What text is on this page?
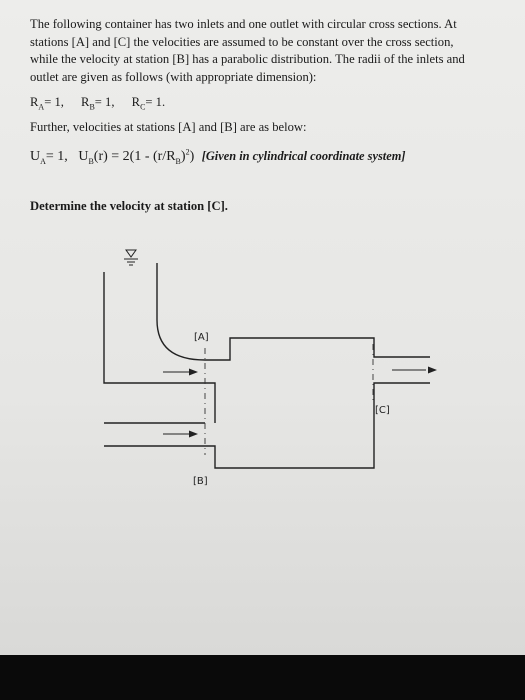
The following container has two inlets and one outlet with circular cross sections. At
stations [A] and [C] the velocities are assumed to be constant over the cross section,
while the velocity at station [B] has a parabolic distribution. The radii of the inlets and
outlet are given as follows (with appropriate dimension):
$R_A= 1$, $R_B= 1$, $R_C= 1$.
Further, velocities at stations [A] and [B] are as below:
$U_A= 1$, $U_B(r) = 2(1 - (r/R_B)^2)$ [Given in cylindrical coordinate system]
Determine the velocity at station [C].
[A]
[B]
[C]
